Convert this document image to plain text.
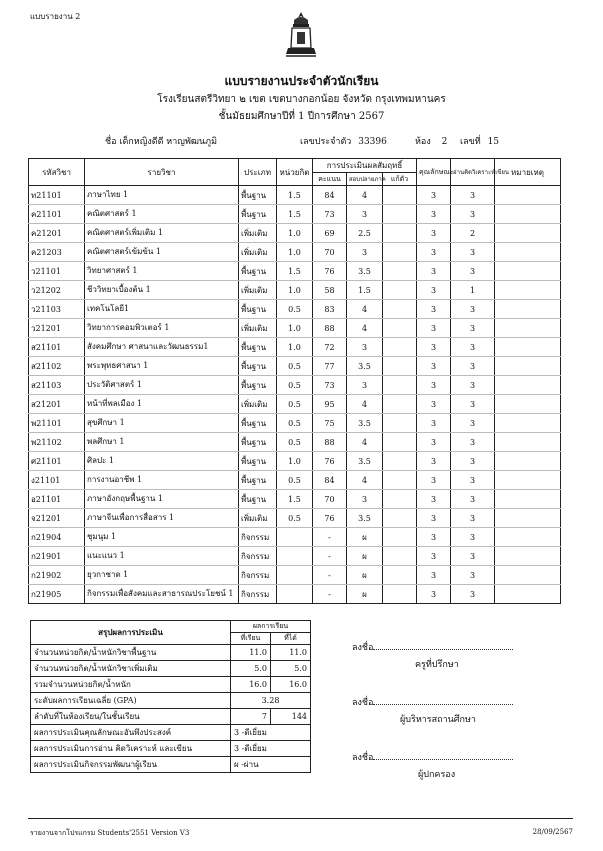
แบบรายงาน 2
แบบรายงานประจำตัวนักเรียน
โรงเรียนสตรีวิทยา ๒ เขต เขตบางกอกน้อย จังหวัด กรุงเทพมหานคร
ชั้นมัธยมศึกษาปีที่ 1 ปีการศึกษา 2567
ชื่อ เด็กหญิงดีดี หาญพัฒนภูมิ	เลขประจำตัว 33396	ห้อง 2 เลขที่ 15
รหัสวิชา	รายวิชา	ประเภท	หน่วยกิต	การประเมินผลสัมฤทธิ์			คุณลักษณะ	อ่านคิดวิเคราะห์เขียน	หมายเหตุ
				คะแนน	สอบปลายภาค	แก้ตัว			
ท21101	ภาษาไทย 1	พื้นฐาน	1.5	84	4		3	3	
ค21101	คณิตศาสตร์ 1	พื้นฐาน	1.5	73	3		3	3	
ค21201	คณิตศาสตร์เพิ่มเติม 1	เพิ่มเติม	1.0	69	2.5		3	2	
ค21203	คณิตศาสตร์เข้มข้น 1	เพิ่มเติม	1.0	70	3		3	3	
ว21101	วิทยาศาสตร์ 1	พื้นฐาน	1.5	76	3.5		3	3	
ว21202	ชีววิทยาเบื้องต้น 1	เพิ่มเติม	1.0	58	1.5		3	1	
ว21103	เทคโนโลยี1	พื้นฐาน	0.5	83	4		3	3	
ว21201	วิทยาการคอมพิวเตอร์ 1	เพิ่มเติม	1.0	88	4		3	3	
ส21101	สังคมศึกษา ศาสนาและวัฒนธรรม1	พื้นฐาน	1.0	72	3		3	3	
ส21102	พระพุทธศาสนา 1	พื้นฐาน	0.5	77	3.5		3	3	
ส21103	ประวัติศาสตร์ 1	พื้นฐาน	0.5	73	3		3	3	
ส21201	หน้าที่พลเมือง 1	เพิ่มเติม	0.5	95	4		3	3	
พ21101	สุขศึกษา 1	พื้นฐาน	0.5	75	3.5		3	3	
พ21102	พลศึกษา 1	พื้นฐาน	0.5	88	4		3	3	
ศ21101	ศิลปะ 1	พื้นฐาน	1.0	76	3.5		3	3	
ง21101	การงานอาชีพ 1	พื้นฐาน	0.5	84	4		3	3	
อ21101	ภาษาอังกฤษพื้นฐาน 1	พื้นฐาน	1.5	70	3		3	3	
จ21201	ภาษาจีนเพื่อการสื่อสาร 1	เพิ่มเติม	0.5	76	3.5		3	3	
ก21904	ชุมนุม 1	กิจกรรม		-	ผ		3	3	
ก21901	แนะแนว 1	กิจกรรม		-	ผ		3	3	
ก21902	ยุวกาชาด 1	กิจกรรม		-	ผ		3	3	
ก21905	กิจกรรมเพื่อสังคมและสาธารณประโยชน์ 1	กิจกรรม		-	ผ		3	3	
สรุปผลการประเมิน	ผลการเรียน	
	ที่เรียน	ที่ได้
จำนวนหน่วยกิต/น้ำหนักวิชาพื้นฐาน	11.0	11.0
จำนวนหน่วยกิต/น้ำหนักวิชาเพิ่มเติม	5.0	5.0
รวมจำนวนหน่วยกิต/น้ำหนัก	16.0	16.0
ระดับผลการเรียนเฉลี่ย (GPA)	3.28	
ลำดับที่ในห้องเรียน/ในชั้นเรียน	7	144
ผลการประเมินคุณลักษณะอันพึงประสงค์	3 -ดีเยี่ยม	
ผลการประเมินการอ่าน คิดวิเคราะห์ และเขียน	3 -ดีเยี่ยม	
ผลการประเมินกิจกรรมพัฒนาผู้เรียน	ผ -ผ่าน	
ลงชื่อ
ครูที่ปรึกษา
ลงชื่อ
ผู้บริหารสถานศึกษา
ลงชื่อ
ผู้ปกครอง
รายงานจากโปรแกรม Students'2551 Version V3	28/09/2567
